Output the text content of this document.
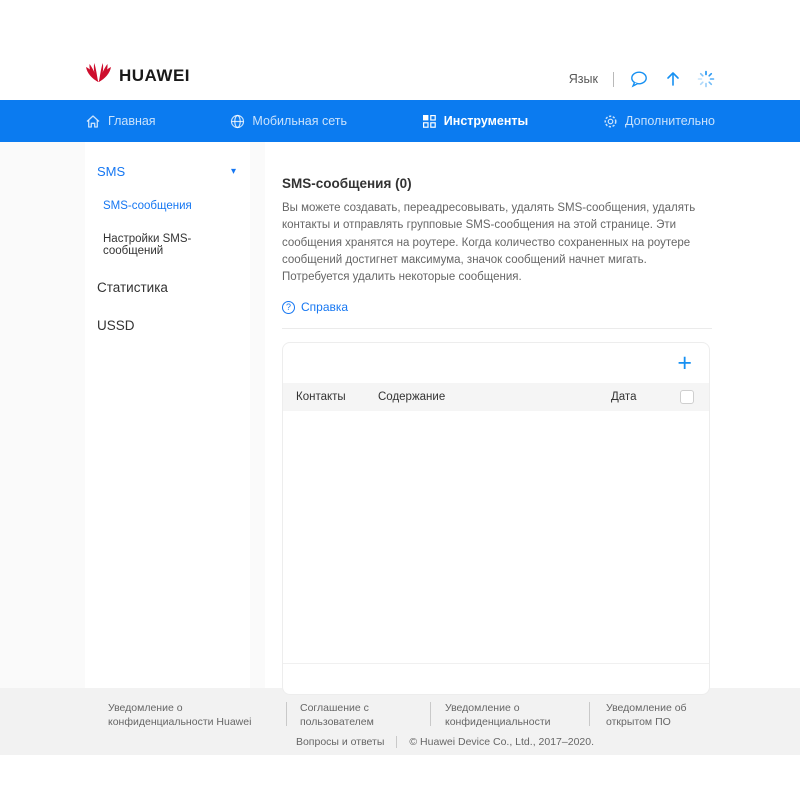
HUAWEI	Язык
Главная	Мобильная сеть	Инструменты	Дополнительно
SMS	▾
SMS-сообщения
Настройки SMS-сообщений
Статистика
USSD
SMS-сообщения (0)

Вы можете создавать, переадресовывать, удалять SMS-сообщения, удалять контакты и отправлять групповые SMS-сообщения на этой странице. Эти сообщения хранятся на роутере. Когда количество сохраненных на роутере сообщений достигнет максимума, значок сообщений начнет мигать. Потребуется удалить некоторые сообщения.

? Справка
+
Контакты	Содержание	Дата
Уведомление о конфиденциальности Huawei
Соглашение с пользователем
Уведомление о конфиденциальности
Уведомление об открытом ПО
Вопросы и ответы © Huawei Device Co., Ltd., 2017–2020.
